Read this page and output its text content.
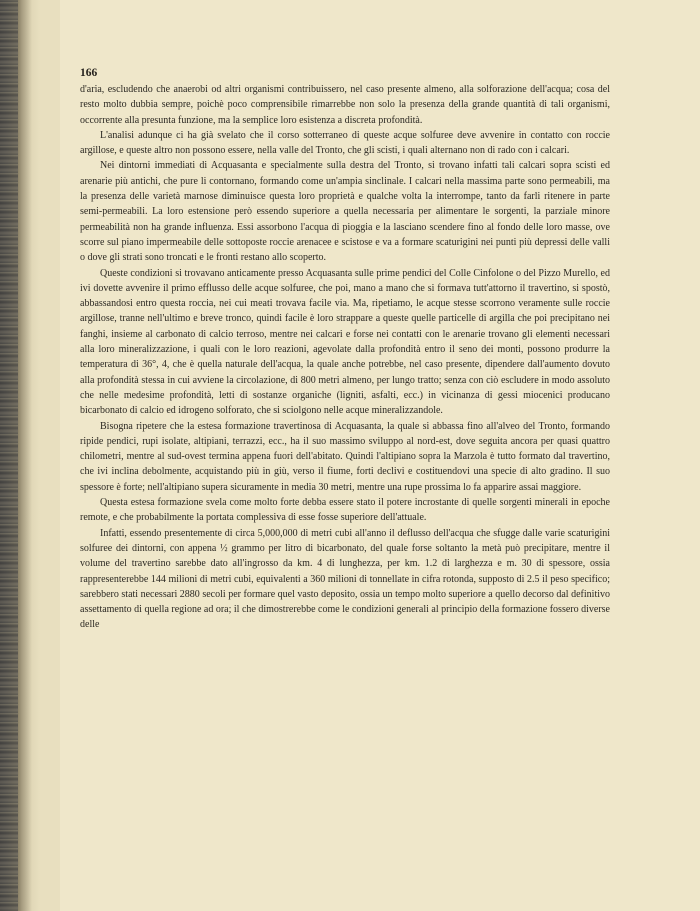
166

d'aria, escludendo che anaerobi od altri organismi contribuissero, nel caso presente almeno, alla solforazione dell'acqua; cosa del resto molto dubbia sempre, poichè poco comprensibile rimarrebbe non solo la presenza della grande quantità di tali organismi, occorrente alla presunta funzione, ma la semplice loro esistenza a discreta profondità.

L'analisi adunque ci ha già svelato che il corso sotterraneo di queste acque solfuree deve avvenire in contatto con roccie argillose, e queste altro non possono essere, nella valle del Tronto, che gli scisti, i quali alternano non di rado con i calcari.

Nei dintorni immediati di Acquasanta e specialmente sulla destra del Tronto, si trovano infatti tali calcari sopra scisti ed arenarie più antichi, che pure li contornano, formando come un'ampia sinclinale. I calcari nella massima parte sono permeabili, ma la presenza delle varietà marnose diminuisce questa loro proprietà e qualche volta la interrompe, tanto da farli ritenere in parte semi-permeabili. La loro estensione però essendo superiore a quella necessaria per alimentare le sorgenti, la parziale minore permeabilità non ha grande influenza. Essi assorbono l'acqua di pioggia e la lasciano scendere fino al fondo delle loro masse, ove scorre sul piano impermeabile delle sottoposte roccie arenacee e scistose e va a formare scaturigini nei punti più depressi delle valli o dove gli strati sono troncati e le fronti restano allo scoperto.

Queste condizioni si trovavano anticamente presso Acquasanta sulle prime pendici del Colle Cinfolone o del Pizzo Murello, ed ivi dovette avvenire il primo efflusso delle acque solfuree, che poi, mano a mano che si formava tutt'attorno il travertino, si spostò, abbassandosi entro questa roccia, nei cui meati trovava facile via. Ma, ripetiamo, le acque stesse scorrono veramente sulle roccie argillose, tranne nell'ultimo e breve tronco, quindi facile è loro strappare a queste quelle particelle di argilla che poi precipitano nei fanghi, insieme al carbonato di calcio terroso, mentre nei calcari e forse nei contatti con le arenarie trovano gli elementi necessari alla loro mineralizzazione, i quali con le loro reazioni, agevolate dalla profondità entro il seno dei monti, possono produrre la temperatura di 36°, 4, che è quella naturale dell'acqua, la quale anche potrebbe, nel caso presente, dipendere dall'aumento dovuto alla profondità stessa in cui avviene la circolazione, di 800 metri almeno, per lungo tratto; senza con ciò escludere in modo assoluto che nelle medesime profondità, letti di sostanze organiche (ligniti, asfalti, ecc.) in vicinanza di gessi miocenici producano bicarbonato di calcio ed idrogeno solforato, che si sciolgono nelle acque mineralizzandole.

Bisogna ripetere che la estesa formazione travertinosa di Acquasanta, la quale si abbassa fino all'alveo del Tronto, formando ripide pendici, rupi isolate, altipiani, terrazzi, ecc., ha il suo massimo sviluppo al nord-est, dove seguita ancora per quasi quattro chilometri, mentre al sud-ovest termina appena fuori dell'abitato. Quindi l'altipiano sopra la Marzola è tutto formato dal travertino, che ivi inclina debolmente, acquistando più in giù, verso il fiume, forti declivi e costituendovi una specie di alto gradino. Il suo spessore è forte; nell'altipiano supera sicuramente in media 30 metri, mentre una rupe prossima lo fa apparire assai maggiore.

Questa estesa formazione svela come molto forte debba essere stato il potere incrostante di quelle sorgenti minerali in epoche remote, e che probabilmente la portata complessiva di esse fosse superiore dell'attuale.

Infatti, essendo presentemente di circa 5,000,000 di metri cubi all'anno il deflusso dell'acqua che sfugge dalle varie scaturigini solfuree dei dintorni, con appena ½ grammo per litro di bicarbonato, del quale forse soltanto la metà può precipitare, mentre il volume del travertino sarebbe dato all'ingrosso da km. 4 di lunghezza, per km. 1.2 di larghezza e m. 30 di spessore, ossia rappresenterebbe 144 milioni di metri cubi, equivalenti a 360 milioni di tonnellate in cifra rotonda, supposto di 2.5 il peso specifico; sarebbero stati necessari 2880 secoli per formare quel vasto deposito, ossia un tempo molto superiore a quello decorso dal definitivo assettamento di quella regione ad ora; il che dimostrerebbe come le condizioni generali al principio della formazione fossero diverse delle
